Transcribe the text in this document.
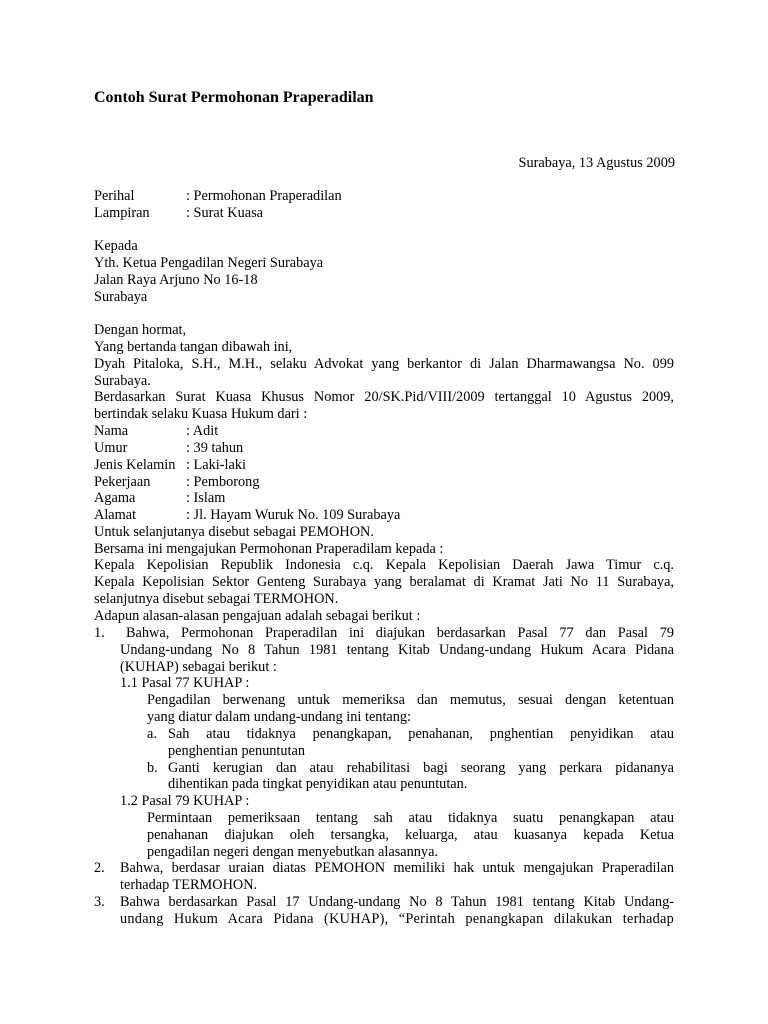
Contoh Surat Permohonan Praperadilan
Surabaya, 13 Agustus 2009
Perihal	: Permohonan Praperadilan
Lampiran	: Surat Kuasa
Kepada
Yth. Ketua Pengadilan Negeri Surabaya
Jalan Raya Arjuno No 16-18
Surabaya
Dengan hormat,
Yang bertanda tangan dibawah ini,
Dyah Pitaloka, S.H., M.H., selaku Advokat yang berkantor di Jalan Dharmawangsa No. 099
Surabaya.
Berdasarkan Surat Kuasa Khusus Nomor 20/SK.Pid/VIII/2009 tertanggal 10 Agustus 2009,
bertindak selaku Kuasa Hukum dari :
Nama	: Adit
Umur	: 39 tahun
Jenis Kelamin : Laki-laki
Pekerjaan : Pemborong
Agama	: Islam
Alamat	: Jl. Hayam Wuruk No. 109 Surabaya
Untuk selanjutanya disebut sebagai PEMOHON.
Bersama ini mengajukan Permohonan Praperadilam kepada :
Kepala Kepolisian Republik Indonesia c.q. Kepala Kepolisian Daerah Jawa Timur c.q.
Kepala Kepolisian Sektor Genteng Surabaya yang beralamat di Kramat Jati No 11 Surabaya,
selanjutnya disebut sebagai TERMOHON.
Adapun alasan-alasan pengajuan adalah sebagai berikut :
1. Bahwa, Permohonan Praperadilan ini diajukan berdasarkan Pasal 77 dan Pasal 79
Undang-undang No 8 Tahun 1981 tentang Kitab Undang-undang Hukum Acara Pidana
(KUHAP) sebagai berikut :
1.1 Pasal 77 KUHAP :
Pengadilan berwenang untuk memeriksa dan memutus, sesuai dengan ketentuan
yang diatur dalam undang-undang ini tentang:
a. Sah atau tidaknya penangkapan, penahanan, pnghentian penyidikan atau
penghentian penuntutan
b. Ganti kerugian dan atau rehabilitasi bagi seorang yang perkara pidananya
dihentikan pada tingkat penyidikan atau penuntutan.
1.2 Pasal 79 KUHAP :
Permintaan pemeriksaan tentang sah atau tidaknya suatu penangkapan atau
penahanan diajukan oleh tersangka, keluarga, atau kuasanya kepada Ketua
pengadilan negeri dengan menyebutkan alasannya.
2. Bahwa, berdasar uraian diatas PEMOHON memiliki hak untuk mengajukan Praperadilan
terhadap TERMOHON.
3. Bahwa berdasarkan Pasal 17 Undang-undang No 8 Tahun 1981 tentang Kitab Undang-
undang Hukum Acara Pidana (KUHAP), “Perintah penangkapan dilakukan terhadap
